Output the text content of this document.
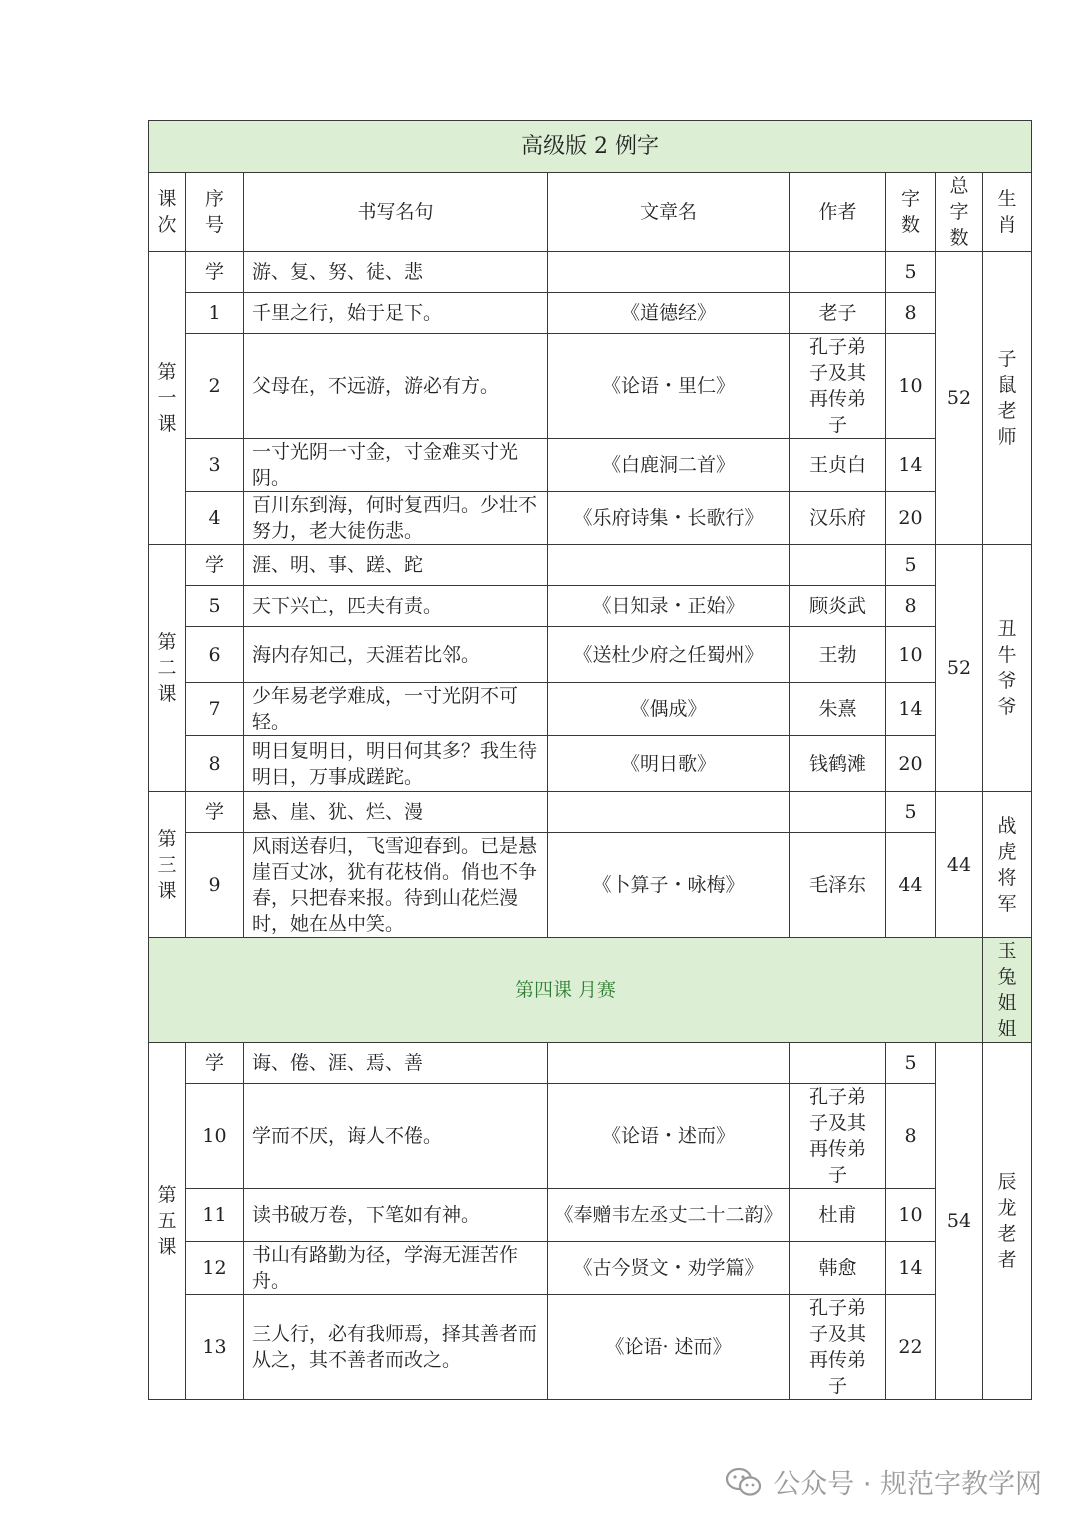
高级版 2 例字							
课次	序号	书写名句	文章名	作者	字数	总字数	生肖
第一课	学	游、复、努、徒、悲			5	52	子鼠老师
	1	千里之行，始于足下。	《道德经》	老子	8		
	2	父母在，不远游，游必有方。	《论语・里仁》	孔子弟子及其再传弟子	10		
	3	一寸光阴一寸金，寸金难买寸光阴。	《白鹿洞二首》	王贞白	14		
	4	百川东到海，何时复西归。少壮不努力，老大徒伤悲。	《乐府诗集・长歌行》	汉乐府	20		
第二课	学	涯、明、事、蹉、跎			5	52	丑牛爷爷
	5	天下兴亡，匹夫有责。	《日知录・正始》	顾炎武	8		
	6	海内存知己，天涯若比邻。	《送杜少府之任蜀州》	王勃	10		
	7	少年易老学难成，一寸光阴不可轻。	《偶成》	朱熹	14		
	8	明日复明日，明日何其多？我生待明日，万事成蹉跎。	《明日歌》	钱鹤滩	20		
第三课	学	悬、崖、犹、烂、漫			5	44	战虎将军
	9	风雨送春归，飞雪迎春到。已是悬崖百丈冰，犹有花枝俏。俏也不争春，只把春来报。待到山花烂漫时，她在丛中笑。	《卜算子・咏梅》	毛泽东	44		
第四课 月赛							玉兔姐姐
第五课	学	诲、倦、涯、焉、善			5	54	辰龙老者
	10	学而不厌，诲人不倦。	《论语・述而》	孔子弟子及其再传弟子	8		
	11	读书破万卷，下笔如有神。	《奉赠韦左丞丈二十二韵》	杜甫	10		
	12	书山有路勤为径，学海无涯苦作舟。	《古今贤文・劝学篇》	韩愈	14		
	13	三人行，必有我师焉，择其善者而从之，其不善者而改之。	《论语· 述而》	孔子弟子及其再传弟子	22		
公众号 · 规范字教学网
